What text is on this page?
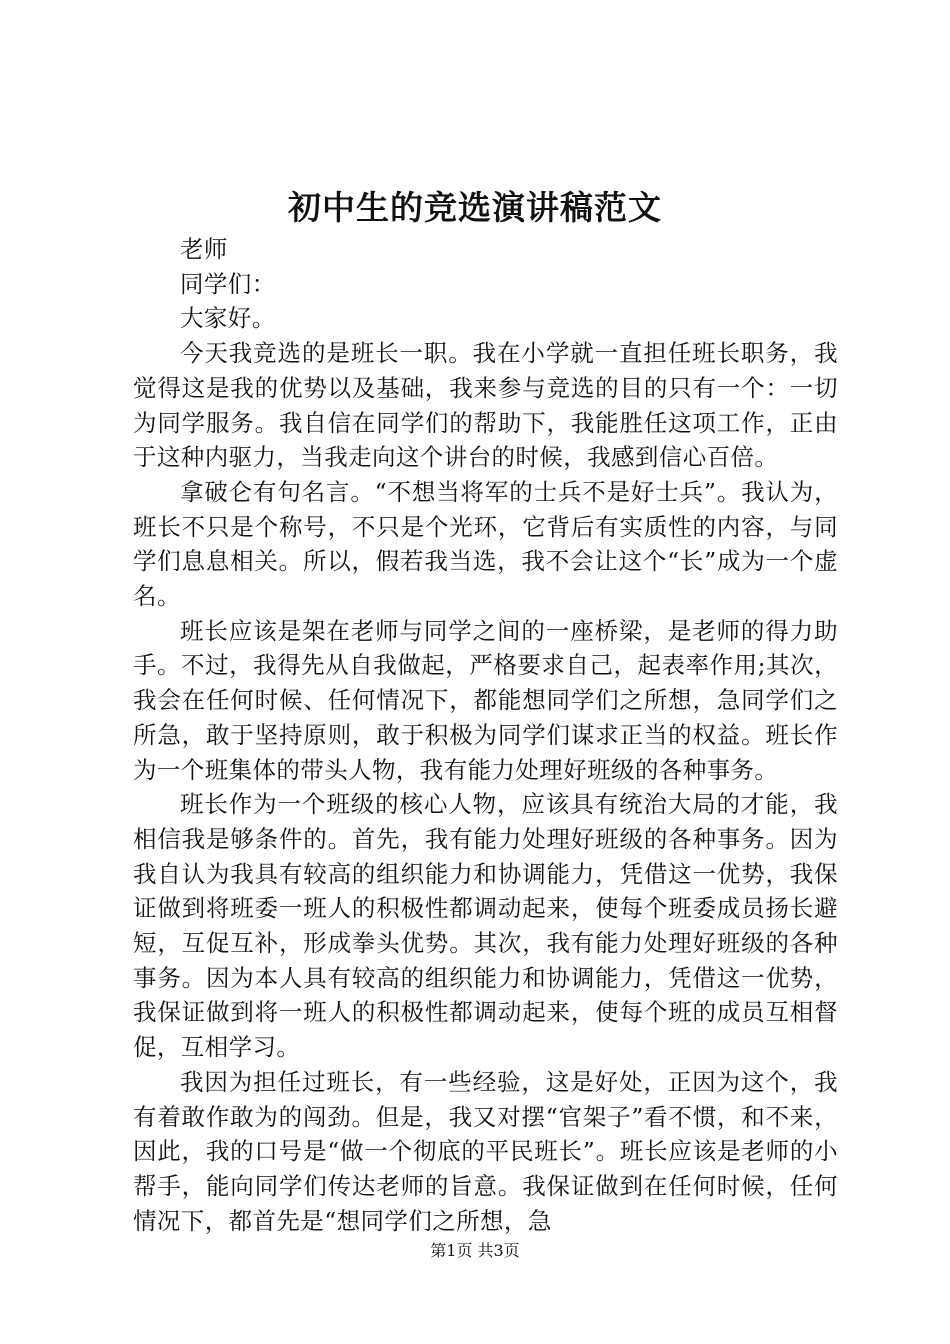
初中生的竞选演讲稿范文

老师

同学们：

大家好。

今天我竞选的是班长一职。我在小学就一直担任班长职务，我觉得这是我的优势以及基础，我来参与竞选的目的只有一个：一切为同学服务。我自信在同学们的帮助下，我能胜任这项工作，正由于这种内驱力，当我走向这个讲台的时候，我感到信心百倍。

拿破仑有句名言。“不想当将军的士兵不是好士兵”。我认为，班长不只是个称号，不只是个光环，它背后有实质性的内容，与同学们息息相关。所以，假若我当选，我不会让这个“长”成为一个虚名。

班长应该是架在老师与同学之间的一座桥梁，是老师的得力助手。不过，我得先从自我做起，严格要求自己，起表率作用;其次，我会在任何时候、任何情况下，都能想同学们之所想，急同学们之所急，敢于坚持原则，敢于积极为同学们谋求正当的权益。班长作为一个班集体的带头人物，我有能力处理好班级的各种事务。

班长作为一个班级的核心人物，应该具有统治大局的才能，我相信我是够条件的。首先，我有能力处理好班级的各种事务。因为我自认为我具有较高的组织能力和协调能力，凭借这一优势，我保证做到将班委一班人的积极性都调动起来，使每个班委成员扬长避短，互促互补，形成拳头优势。其次，我有能力处理好班级的各种事务。因为本人具有较高的组织能力和协调能力，凭借这一优势，我保证做到将一班人的积极性都调动起来，使每个班的成员互相督促，互相学习。

我因为担任过班长，有一些经验，这是好处，正因为这个，我有着敢作敢为的闯劲。但是，我又对摆“官架子”看不惯，和不来，因此，我的口号是“做一个彻底的平民班长”。班长应该是老师的小帮手，能向同学们传达老师的旨意。我保证做到在任何时候，任何情况下，都首先是“想同学们之所想，急

第1页 共3页
